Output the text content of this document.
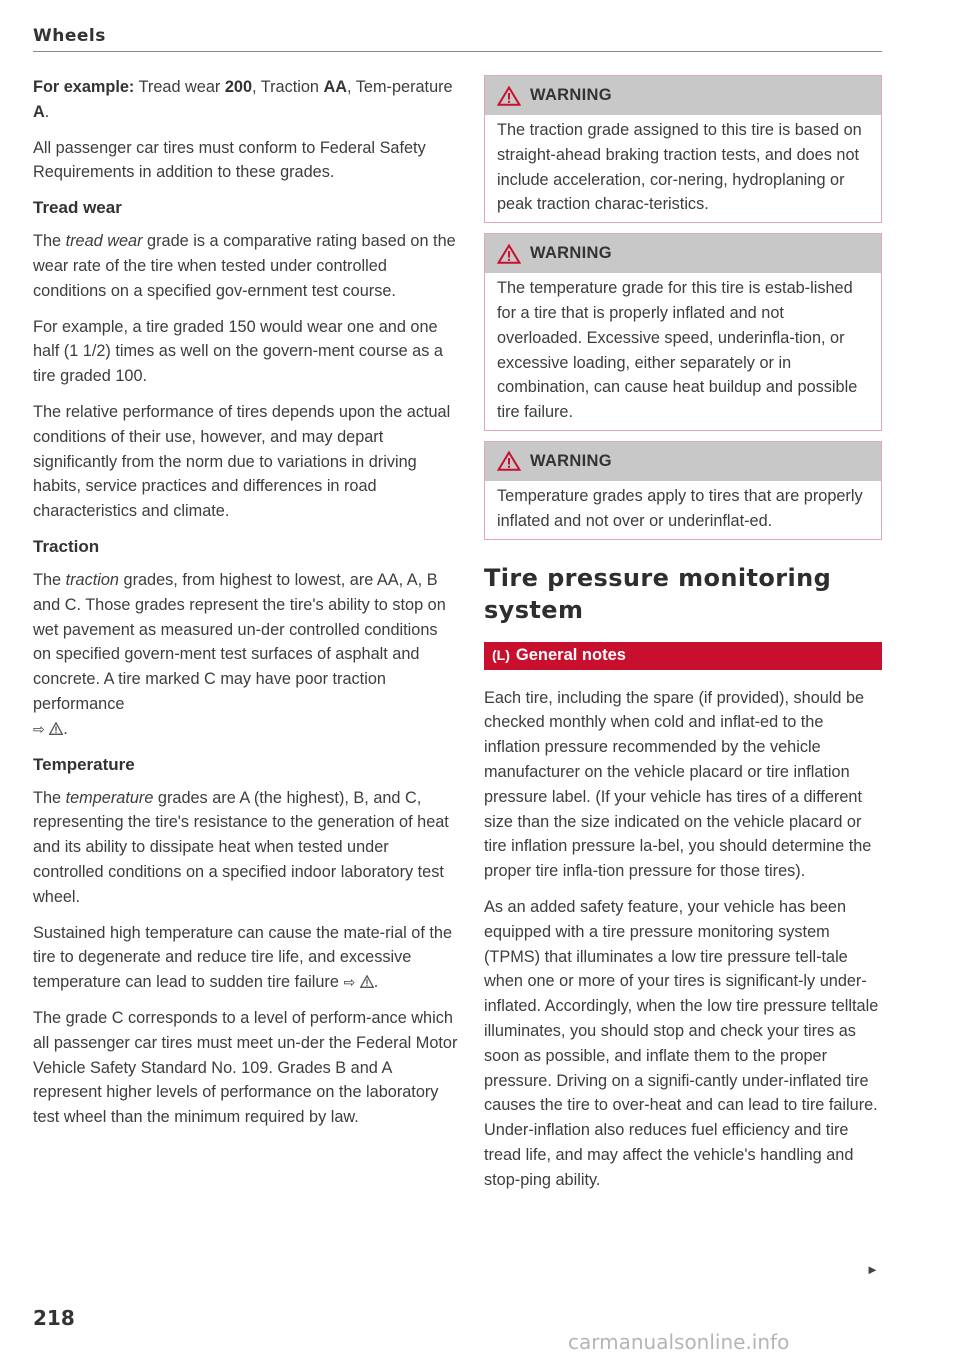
Wheels

For example: Tread wear 200, Traction AA, Tem-perature A.

All passenger car tires must conform to Federal Safety Requirements in addition to these grades.

Tread wear

The tread wear grade is a comparative rating based on the wear rate of the tire when tested under controlled conditions on a specified gov-ernment test course.

For example, a tire graded 150 would wear one and one half (1 1/2) times as well on the govern-ment course as a tire graded 100.

The relative performance of tires depends upon the actual conditions of their use, however, and may depart significantly from the norm due to variations in driving habits, service practices and differences in road characteristics and climate.

Traction

The traction grades, from highest to lowest, are AA, A, B and C. Those grades represent the tire's ability to stop on wet pavement as measured un-der controlled conditions on specified govern-ment test surfaces of asphalt and concrete. A tire marked C may have poor traction performance
⇨ .

Temperature

The temperature grades are A (the highest), B, and C, representing the tire's resistance to the generation of heat and its ability to dissipate heat when tested under controlled conditions on a specified indoor laboratory test wheel.

Sustained high temperature can cause the mate-rial of the tire to degenerate and reduce tire life, and excessive temperature can lead to sudden tire failure ⇨ .

The grade C corresponds to a level of perform-ance which all passenger car tires must meet un-der the Federal Motor Vehicle Safety Standard No. 109. Grades B and A represent higher levels of performance on the laboratory test wheel than the minimum required by law.

WARNING
The traction grade assigned to this tire is based on straight-ahead braking traction tests, and does not include acceleration, cor-nering, hydroplaning or peak traction charac-teristics.
WARNING
The temperature grade for this tire is estab-lished for a tire that is properly inflated and not overloaded. Excessive speed, underinfla-tion, or excessive loading, either separately or in combination, can cause heat buildup and possible tire failure.
WARNING
Temperature grades apply to tires that are properly inflated and not over or underinflat-ed.
Tire pressure monitoring system
(L) General notes

Each tire, including the spare (if provided), should be checked monthly when cold and inflat-ed to the inflation pressure recommended by the vehicle manufacturer on the vehicle placard or tire inflation pressure label. (If your vehicle has tires of a different size than the size indicated on the vehicle placard or tire inflation pressure la-bel, you should determine the proper tire infla-tion pressure for those tires).

As an added safety feature, your vehicle has been equipped with a tire pressure monitoring system (TPMS) that illuminates a low tire pressure tell-tale when one or more of your tires is significant-ly under-inflated. Accordingly, when the low tire pressure telltale illuminates, you should stop and check your tires as soon as possible, and inflate them to the proper pressure. Driving on a signifi-cantly under-inflated tire causes the tire to over-heat and can lead to tire failure. Under-inflation also reduces fuel efficiency and tire tread life, and may affect the vehicle's handling and stop-ping ability.

►
218
carmanualsonline.info
